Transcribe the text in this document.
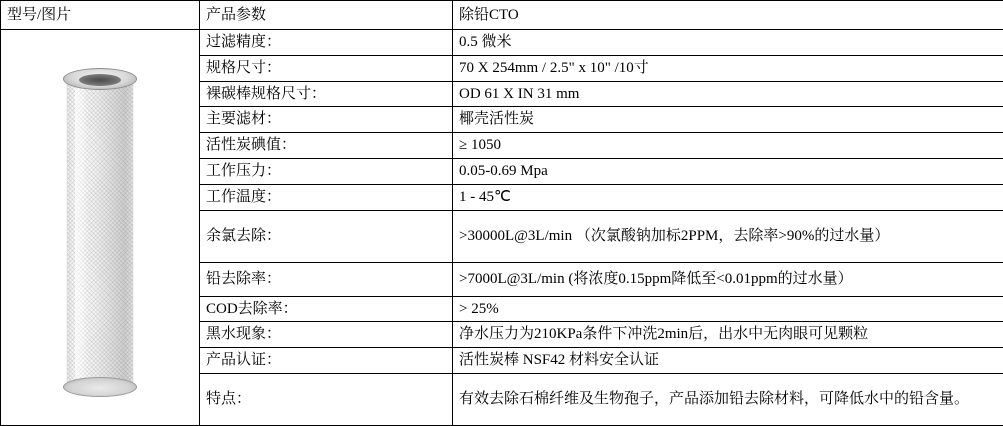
型号/图片	产品参数	除铅CTO

	过滤精度：	0.5 微米
	规格尺寸：	70 X 254mm / 2.5" x 10" /10寸
	裸碳棒规格尺寸：	OD 61 X IN 31 mm
	主要滤材：	椰壳活性炭
	活性炭碘值：	≥ 1050
	工作压力：	0.05-0.69 Mpa
	工作温度：	1 - 45℃
	余氯去除：	>30000L@3L/min （次氯酸钠加标2PPM，去除率>90%的过水量）
	铅去除率：	>7000L@3L/min (将浓度0.15ppm降低至<0.01ppm的过水量）
	COD去除率：	> 25%
	黑水现象：	净水压力为210KPa条件下冲洗2min后，出水中无肉眼可见颗粒
	产品认证：	活性炭棒 NSF42 材料安全认证
	特点：	有效去除石棉纤维及生物孢子，产品添加铅去除材料，可降低水中的铅含量。
